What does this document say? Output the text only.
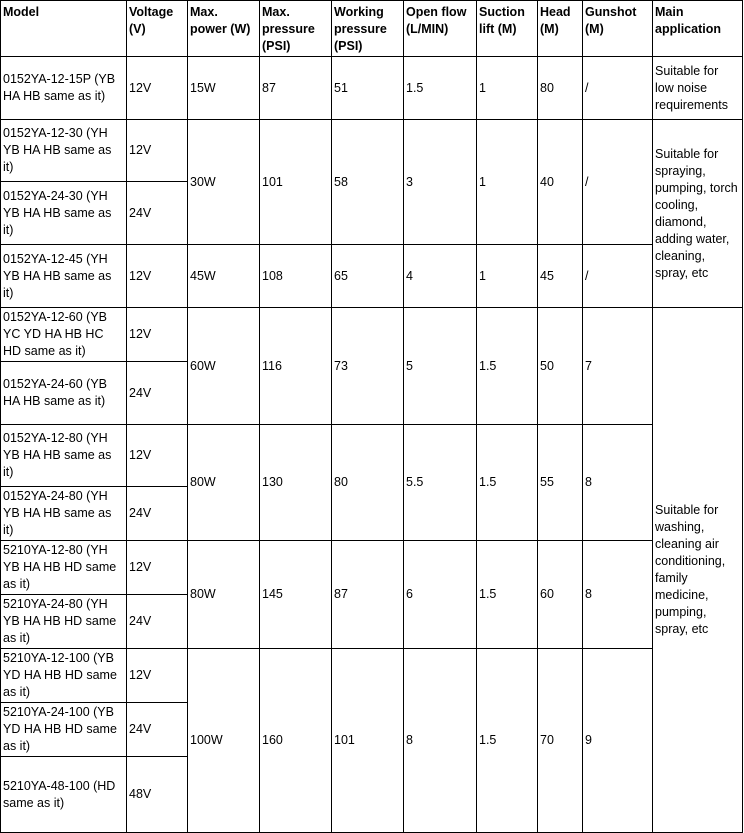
Model	Voltage (V)	Max. power (W)	Max. pressure (PSI)	Working pressure (PSI)	Open flow (L/MIN)	Suction lift (M)	Head (M)	Gunshot (M)	Main application
0152YA-12-15P (YB HA HB same as it)	12V	15W	87	51	1.5	1	80	/	Suitable for low noise requirements
0152YA-12-30 (YH YB HA HB same as it)	12V	30W	101	58	3	1	40	/	Suitable for spraying, pumping, torch cooling, diamond, adding water, cleaning, spray, etc
0152YA-24-30 (YH YB HA HB same as it)	24V								
0152YA-12-45 (YH YB HA HB same as it)	12V	45W	108	65	4	1	45	/	
0152YA-12-60 (YB YC YD HA HB HC HD same as it)	12V	60W	116	73	5	1.5	50	7	Suitable for washing, cleaning air conditioning, family medicine, pumping, spray, etc
0152YA-24-60 (YB HA HB same as it)	24V								
0152YA-12-80 (YH YB HA HB same as it)	12V	80W	130	80	5.5	1.5	55	8	
0152YA-24-80 (YH YB HA HB same as it)	24V								
5210YA-12-80 (YH YB HA HB HD same as it)	12V	80W	145	87	6	1.5	60	8	
5210YA-24-80 (YH YB HA HB HD same as it)	24V								
5210YA-12-100 (YB YD HA HB HD same as it)	12V	100W	160	101	8	1.5	70	9	
5210YA-24-100 (YB YD HA HB HD same as it)	24V								
5210YA-48-100 (HD same as it)	48V								
